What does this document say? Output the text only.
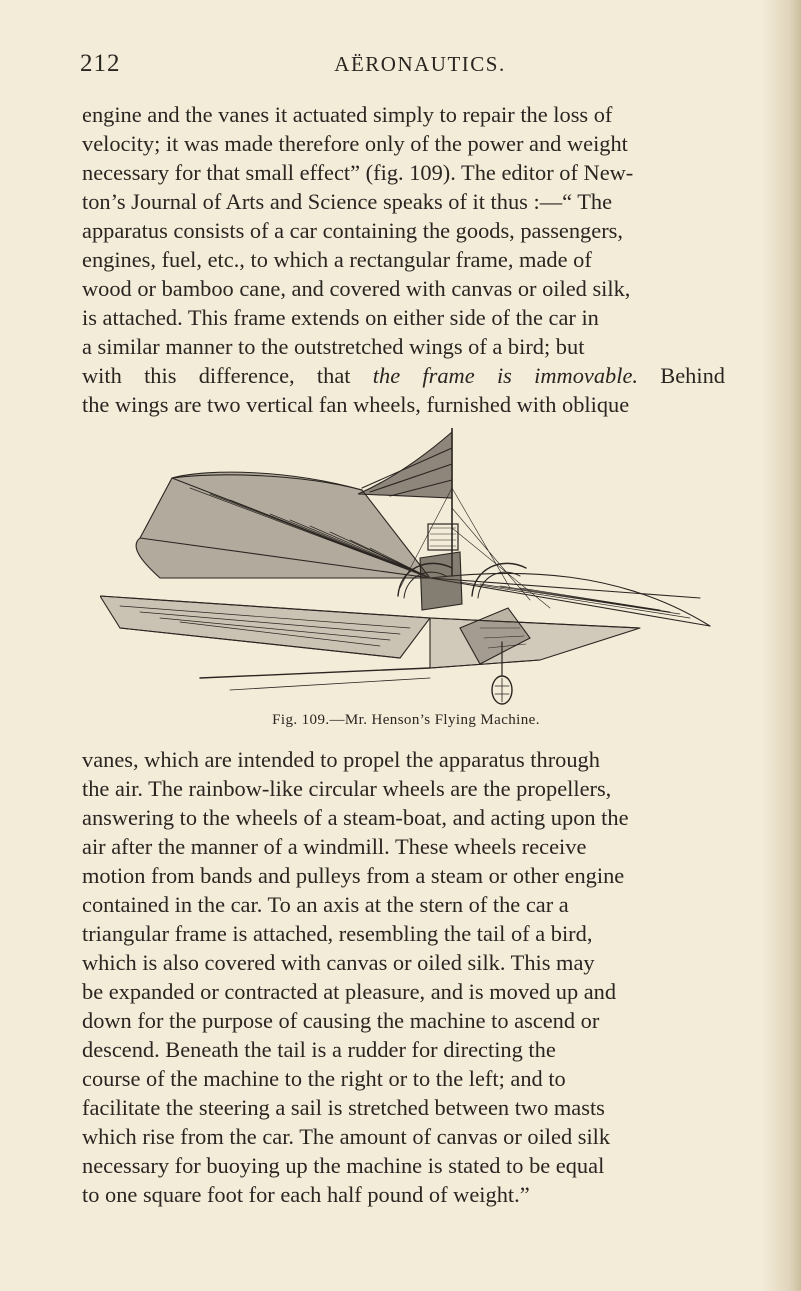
212	AËRONAUTICS.

engine and the vanes it actuated simply to repair the loss of

velocity; it was made therefore only of the power and weight

necessary for that small effect” (fig. 109). The editor of New-

ton’s Journal of Arts and Science speaks of it thus :—“ The

apparatus consists of a car containing the goods, passengers,

engines, fuel, etc., to which a rectangular frame, made of

wood or bamboo cane, and covered with canvas or oiled silk,

is attached. This frame extends on either side of the car in

a similar manner to the outstretched wings of a bird; but

with this difference, that the frame is immovable. Behind

the wings are two vertical fan wheels, furnished with oblique

Fig. 109.—Mr. Henson’s Flying Machine.

vanes, which are intended to propel the apparatus through

the air. The rainbow-like circular wheels are the propellers,

answering to the wheels of a steam-boat, and acting upon the

air after the manner of a windmill. These wheels receive

motion from bands and pulleys from a steam or other engine

contained in the car. To an axis at the stern of the car a

triangular frame is attached, resembling the tail of a bird,

which is also covered with canvas or oiled silk. This may

be expanded or contracted at pleasure, and is moved up and

down for the purpose of causing the machine to ascend or

descend. Beneath the tail is a rudder for directing the

course of the machine to the right or to the left; and to

facilitate the steering a sail is stretched between two masts

which rise from the car. The amount of canvas or oiled silk

necessary for buoying up the machine is stated to be equal

to one square foot for each half pound of weight.”
